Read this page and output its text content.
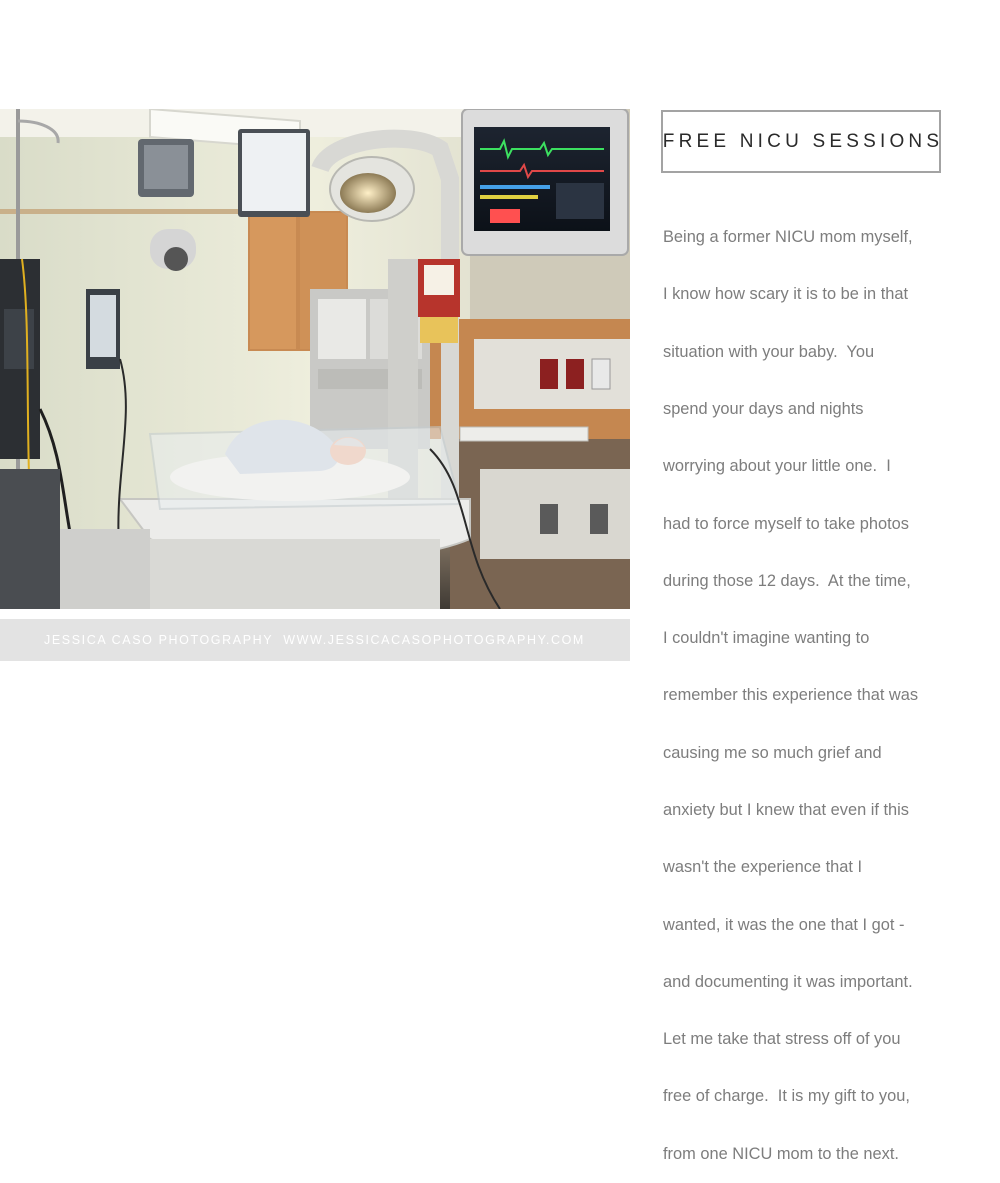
JESSICA CASO PHOTOGRAPHY WWW.JESSICACASOPHOTOGRAPHY.COM
FREE NICU SESSIONS

Being a former NICU mom myself,

I know how scary it is to be in that

situation with your baby.  You

spend your days and nights

worrying about your little one.  I

had to force myself to take photos

during those 12 days.  At the time,

I couldn't imagine wanting to

remember this experience that was

causing me so much grief and

anxiety but I knew that even if this

wasn't the experience that I

wanted, it was the one that I got -

and documenting it was important.

Let me take that stress off of you

free of charge.  It is my gift to you,

from one NICU mom to the next.
